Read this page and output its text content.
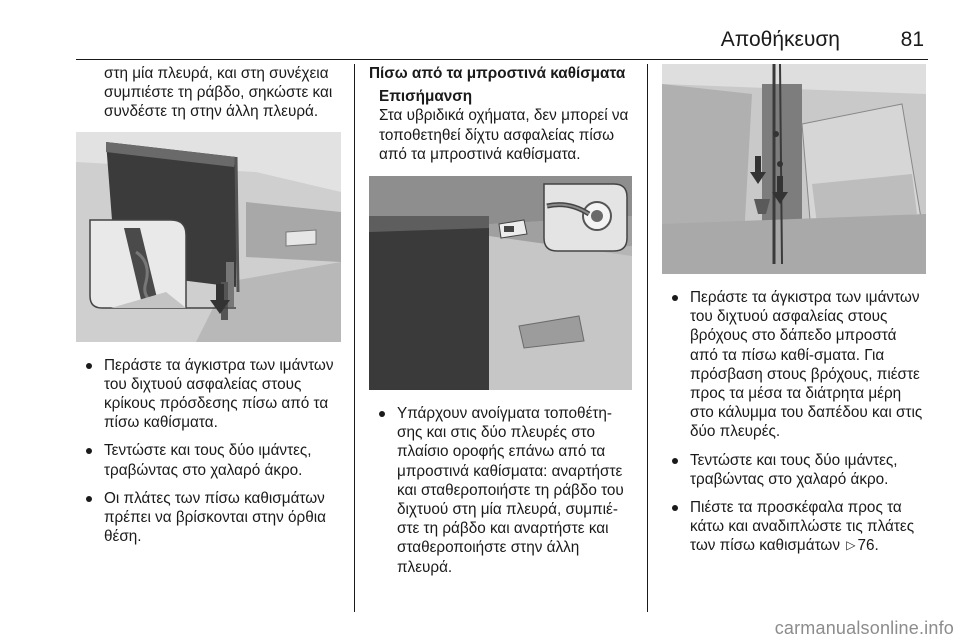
Αποθήκευση	81

στη μία πλευρά, και στη συνέχεια συμπιέστε τη ράβδο, σηκώστε και συνδέστε τη στην άλλη πλευρά.

Περάστε τα άγκιστρα των ιμάντων του διχτυού ασφαλείας στους κρίκους πρόσδεσης πίσω από τα πίσω καθίσματα.
Τεντώστε και τους δύο ιμάντες, τραβώντας στο χαλαρό άκρο.
Οι πλάτες των πίσω καθισμάτων πρέπει να βρίσκονται στην όρθια θέση.
Πίσω από τα μπροστινά καθίσματα
Επισήμανση
Στα υβριδικά οχήματα, δεν μπορεί να τοποθετηθεί δίχτυ ασφαλείας πίσω από τα μπροστινά καθίσματα.
Υπάρχουν ανοίγματα τοποθέτη-σης και στις δύο πλευρές στο πλαίσιο οροφής επάνω από τα μπροστινά καθίσματα: αναρτήστε και σταθεροποιήστε τη ράβδο του διχτυού στη μία πλευρά, συμπιέ-στε τη ράβδο και αναρτήστε και σταθεροποιήστε στην άλλη πλευρά.
Περάστε τα άγκιστρα των ιμάντων του διχτυού ασφαλείας στους βρόχους στο δάπεδο μπροστά από τα πίσω καθί-σματα. Για πρόσβαση στους βρόχους, πιέστε προς τα μέσα τα διάτρητα μέρη στο κάλυμμα του δαπέδου και στις δύο πλευρές.
Τεντώστε και τους δύο ιμάντες, τραβώντας στο χαλαρό άκρο.
Πιέστε τα προσκέφαλα προς τα κάτω και αναδιπλώστε τις πλάτες των πίσω καθισμάτων ▷ 76.
carmanualsonline.info
